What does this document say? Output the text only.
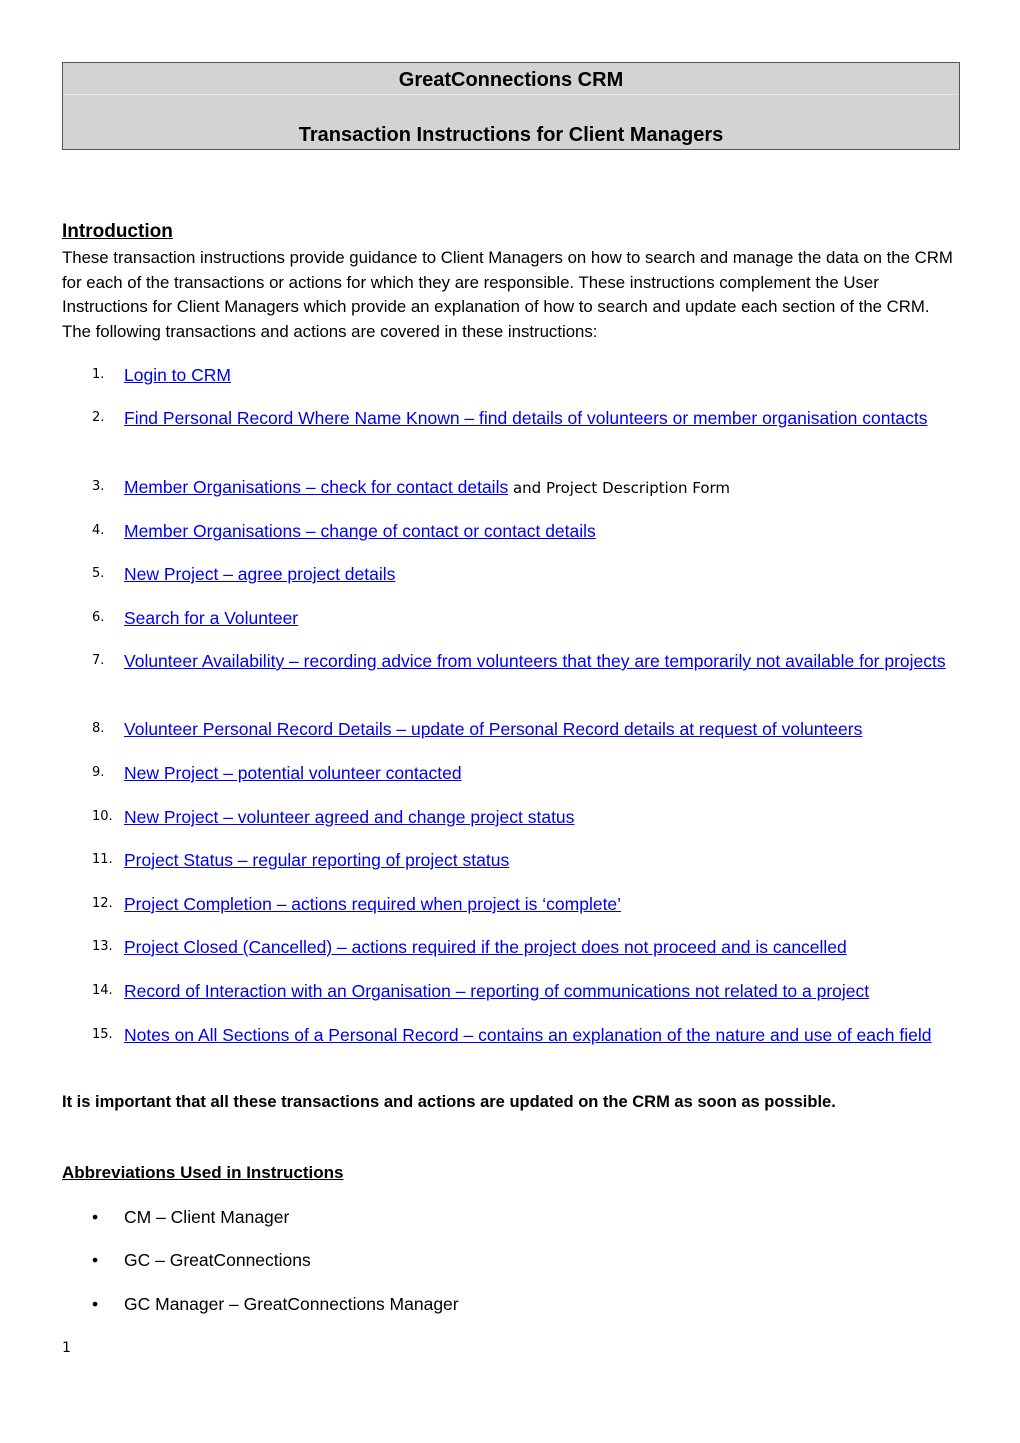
GreatConnections CRM
Transaction Instructions for Client Managers
Introduction
These transaction instructions provide guidance to Client Managers on how to search and manage the data on the CRM for each of the transactions or actions for which they are responsible. These instructions complement the User Instructions for Client Managers which provide an explanation of how to search and update each section of the CRM. The following transactions and actions are covered in these instructions:
1.	Login to CRM
2.	Find Personal Record Where Name Known – find details of volunteers or member organisation contacts
3.	Member Organisations – check for contact details and Project Description Form
4.	Member Organisations – change of contact or contact details
5.	New Project – agree project details
6.	Search for a Volunteer
7.	Volunteer Availability – recording advice from volunteers that they are temporarily not available for projects
8.	Volunteer Personal Record Details – update of Personal Record details at request of volunteers
9.	New Project – potential volunteer contacted
10. New Project – volunteer agreed and change project status
11. Project Status – regular reporting of project status
12. Project Completion – actions required when project is ‘complete’
13. Project Closed (Cancelled) – actions required if the project does not proceed and is cancelled
14. Record of Interaction with an Organisation – reporting of communications not related to a project
15. Notes on All Sections of a Personal Record – contains an explanation of the nature and use of each field
It is important that all these transactions and actions are updated on the CRM as soon as possible.
Abbreviations Used in Instructions
• CM – Client Manager
• GC – GreatConnections
• GC Manager – GreatConnections Manager
1
